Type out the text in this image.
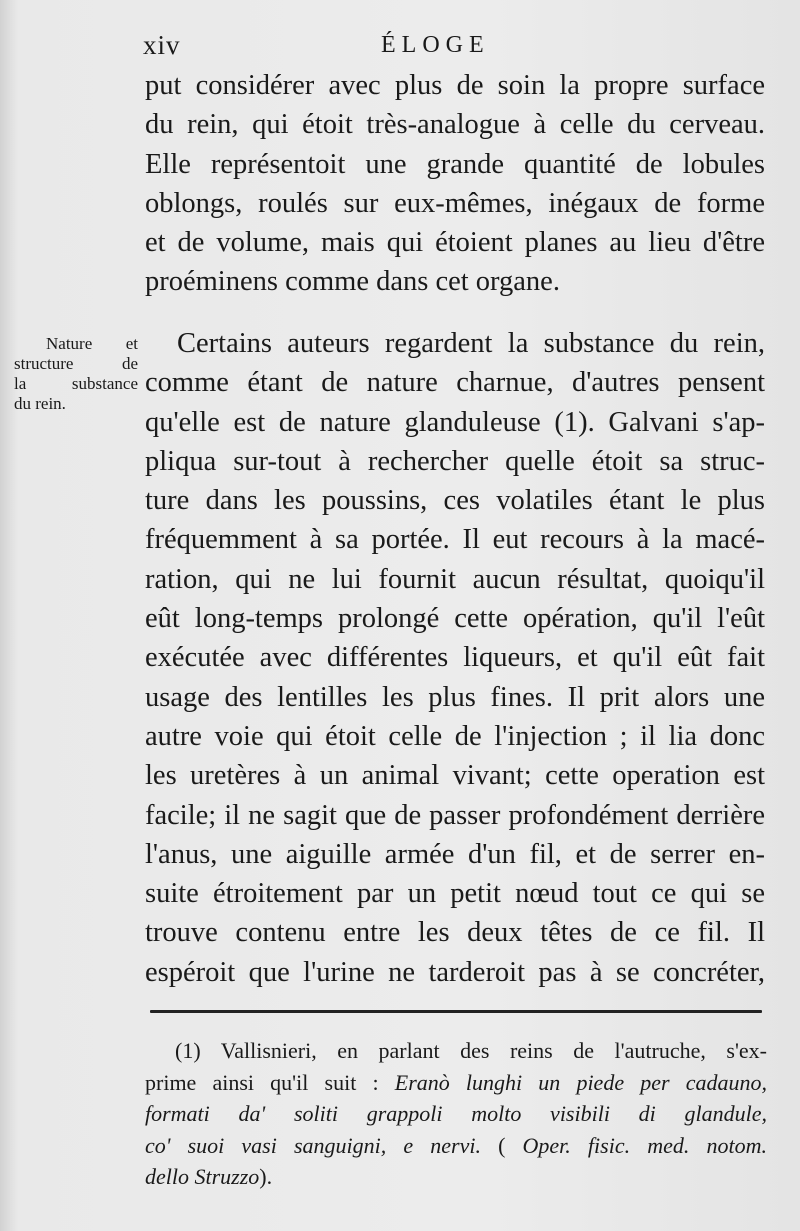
xiv	ÉLOGE

put considérer avec plus de soin la propre surface

du rein, qui étoit très-analogue à celle du cerveau.

Elle représentoit une grande quantité de lobules

oblongs, roulés sur eux-mêmes, inégaux de forme

et de volume, mais qui étoient planes au lieu d'être

proéminens comme dans cet organe.

Nature et
structure de
la substance
du rein.
Certains auteurs regardent la substance du rein,
comme étant de nature charnue, d'autres pensent
qu'elle est de nature glanduleuse (1). Galvani s'ap-
pliqua sur-tout à rechercher quelle étoit sa struc-
ture dans les poussins, ces volatiles étant le plus
fréquemment à sa portée. Il eut recours à la macé-
ration, qui ne lui fournit aucun résultat, quoiqu'il
eût long-temps prolongé cette opération, qu'il l'eût
exécutée avec différentes liqueurs, et qu'il eût fait
usage des lentilles les plus fines. Il prit alors une
autre voie qui étoit celle de l'injection ; il lia donc
les uretères à un animal vivant; cette operation est
facile; il ne sagit que de passer profondément derrière
l'anus, une aiguille armée d'un fil, et de serrer en-
suite étroitement par un petit nœud tout ce qui se
trouve contenu entre les deux têtes de ce fil. Il
espéroit que l'urine ne tarderoit pas à se concréter,
(1) Vallisnieri, en parlant des reins de l'autruche, s'ex-
prime ainsi qu'il suit : Eranò lunghi un piede per cadauno,
formati da' soliti grappoli molto visibili di glandule,
co' suoi vasi sanguigni, e nervi. ( Oper. fisic. med. notom.
dello Struzzo).
